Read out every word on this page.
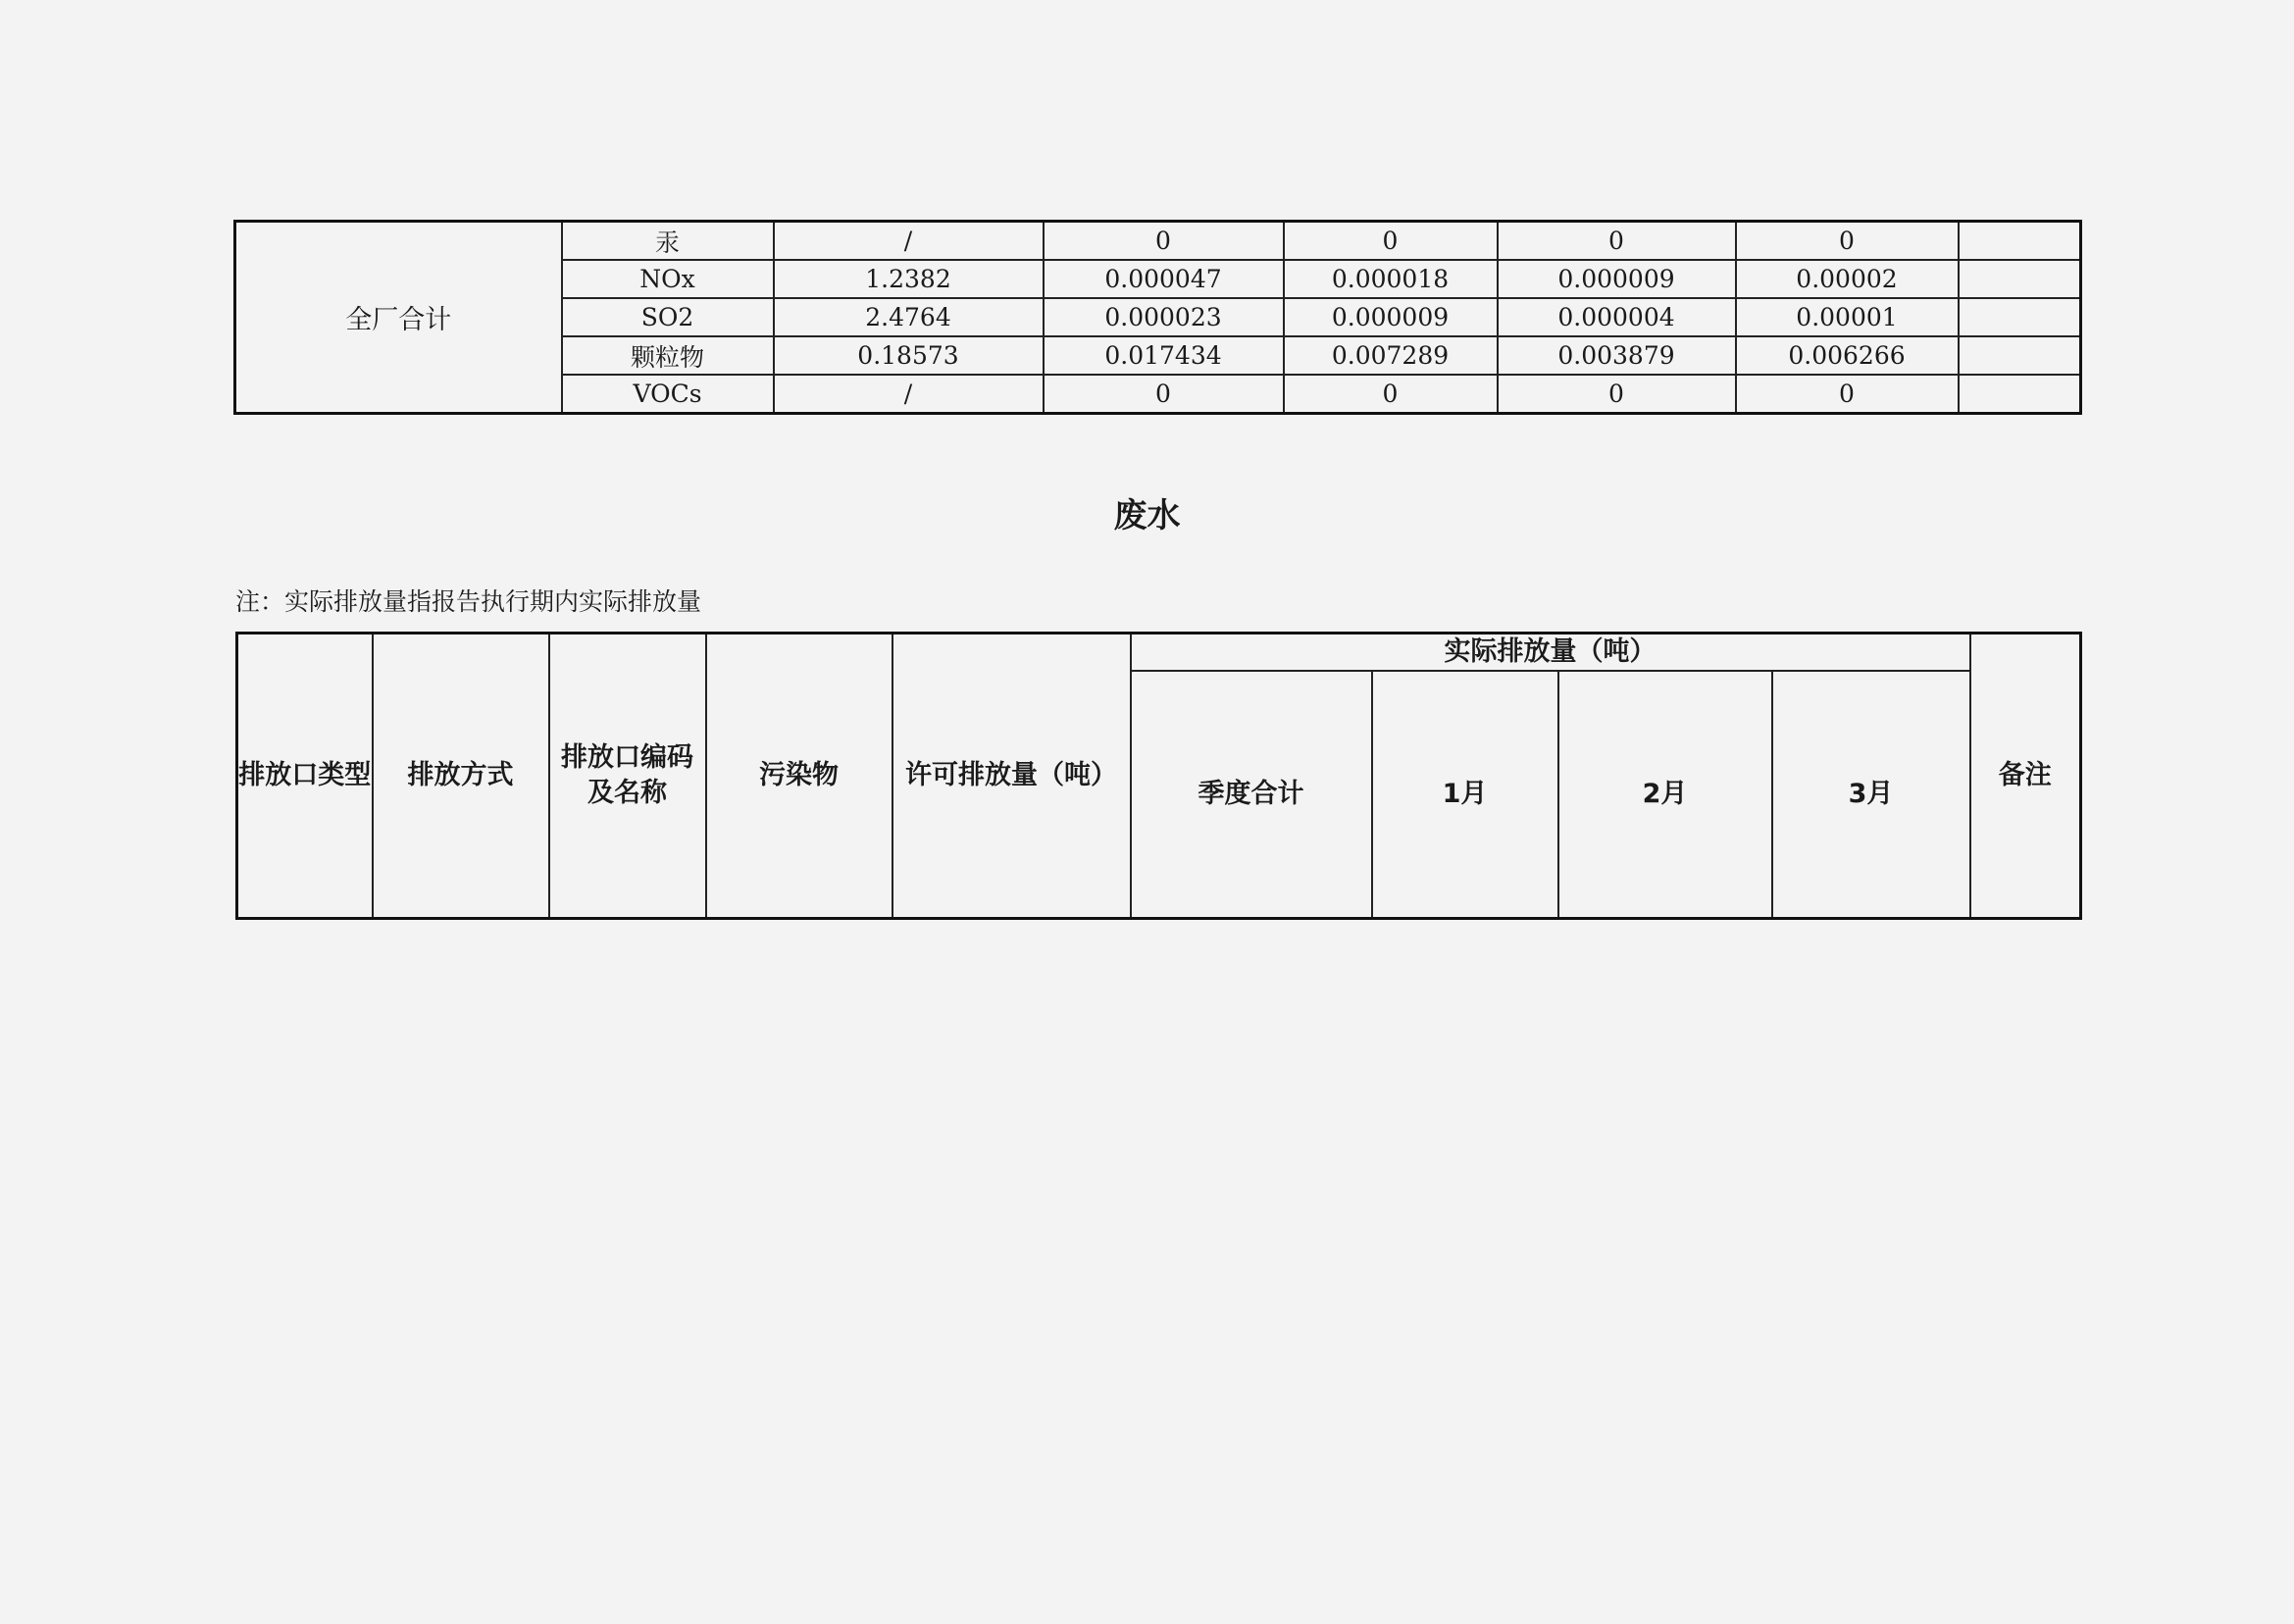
全厂合计	汞	/	0	0	0	0	
	NOx	1.2382	0.000047	0.000018	0.000009	0.00002	
	SO2	2.4764	0.000023	0.000009	0.000004	0.00001	
	颗粒物	0.18573	0.017434	0.007289	0.003879	0.006266	
	VOCs	/	0	0	0	0	
废水
注：实际排放量指报告执行期内实际排放量
排放口类型	排放方式	排放口编码及名称	污染物	许可排放量（吨）	实际排放量（吨）				备注
					季度合计	1月	2月	3月	
